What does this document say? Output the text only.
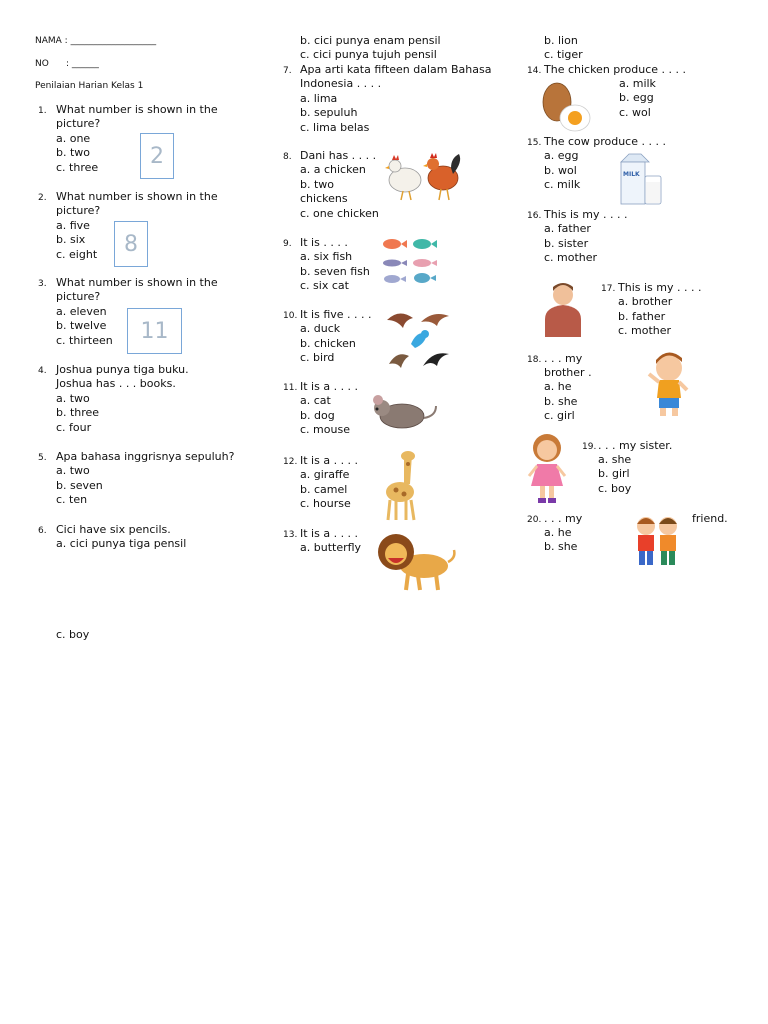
NAMA : ___________________
NO : ______
Penilaian Harian Kelas 1
1. What number is shown in the
picture?
a. one
b. two
c. three	2
2. What number is shown in the
picture?
a. five
b. six
c. eight	8
3. What number is shown in the
picture?
a. eleven
b. twelve
c. thirteen	11
4. Joshua punya tiga buku.
Joshua has . . . books.
a. two
b. three
c. four
5. Apa bahasa inggrisnya sepuluh?
a. two
b. seven
c. ten
6. Cici have six pencils.
a. cici punya tiga pensil
c. boy
b. cici punya enam pensil
c. cici punya tujuh pensil
7. Apa arti kata fifteen dalam Bahasa
Indonesia . . . .
a. lima
b. sepuluh
c. lima belas
8. Dani has . . . .
a. a chicken
b. two
chickens
c. one chicken
9. It is . . . .
a. six fish
b. seven fish
c. six cat
10. It is five . . . .
a. duck
b. chicken
c. bird
11. It is a . . . .
a. cat
b. dog
c. mouse
12. It is a . . . .
a. giraffe
b. camel
c. hourse
13. It is a . . . .
a. butterfly
b. lion
c. tiger
14. The chicken produce . . . .
a. milk
b. egg
c. wol
15. The cow produce . . . .
a. egg
b. wol
c. milk
MILK
16. This is my . . . .
a. father
b. sister
c. mother
17. This is my . . . .
a. brother
b. father
c. mother
18. . . . my
brother .
a. he
b. she
c. girl
19. . . . my sister.
a. she
b. girl
c. boy
20. . . . my	friend.
a. he
b. she
